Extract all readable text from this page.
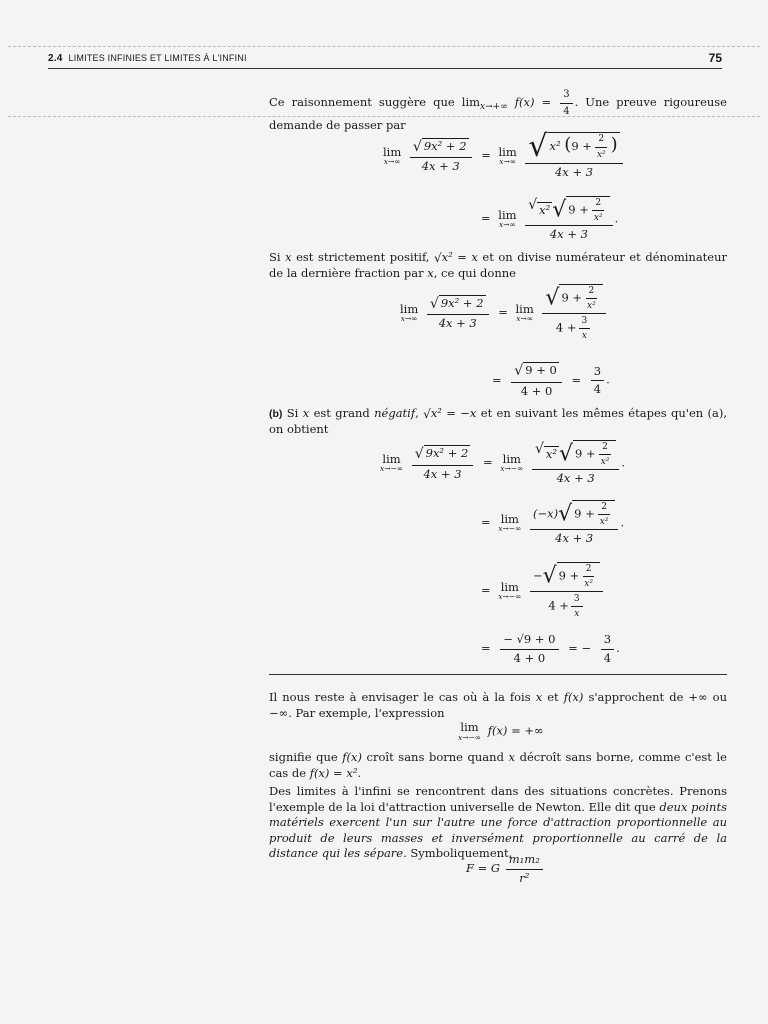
2.4 LIMITES INFINIES ET LIMITES À L'INFINI	75

Ce raisonnement suggère que $\lim_{x\to+\infty} f(x) = \frac{3}{4}$ . Une preuve rigoureuse demande de passer par

lim
x→∞
$\frac{\text{√ 9x² + 2}}{4x + 3} = \lim$
x→∞
$\frac{√ x^2 (9 + \frac{2}{\text{x²}} )}{4x + 3}$
= lim
x→∞
$\frac{√ x^2√ 9 + \frac{2}{\text{x²}}}{4x + 3}$ .

Si x est strictement positif, √x² = x et on divise numérateur et dénominateur de la dernière fraction par x, ce qui donne

lim
x→∞
$\frac{\text{√ 9x² + 2}}{4x + 3} = \lim$
x→∞
$\frac{√ 9 + \frac{2}{\text{x²}}}{4 + \frac{3}{x}}$
= $\frac{√ 9 + 0}{4 + 0} = \frac{3}{4}$ .

(b) Si x est grand négatif, √x² = −x et en suivant les mêmes étapes qu'en (a), on obtient

lim
x→−∞
$\frac{\text{√ 9x² + 2}}{4x + 3} = \lim$
x→−∞
$\frac{√ x^2√ 9 + \frac{2}{\text{x²}}}{4x + 3}$ .
= lim
x→−∞
$\frac{(-x)√ 9 + \frac{2}{\text{x²}}}{4x + 3}$ .
= lim
x→−∞
$\frac{-√ 9 + \frac{2}{\text{x²}}}{4 + \frac{3}{x}}$
= $\frac{- √9 + 0}{4 + 0}$ = − $\frac{3}{4}$ .

Il nous reste à envisager le cas où à la fois x et f(x) s'approchent de +∞ ou −∞. Par exemple, l'expression

lim
x→−∞ f(x) = +∞

signifie que f(x) croît sans borne quand x décroît sans borne, comme c'est le cas de f(x) = x².

Des limites à l'infini se rencontrent dans des situations concrètes. Prenons l'exemple de la loi d'attraction universelle de Newton. Elle dit que deux points matériels exercent l'un sur l'autre une force d'attraction proportionnelle au produit de leurs masses et inversément proportionnelle au carré de la distance qui les sépare. Symboliquement,

F = G $\frac{\text{m₁m₂}}{\text{r²}}$
